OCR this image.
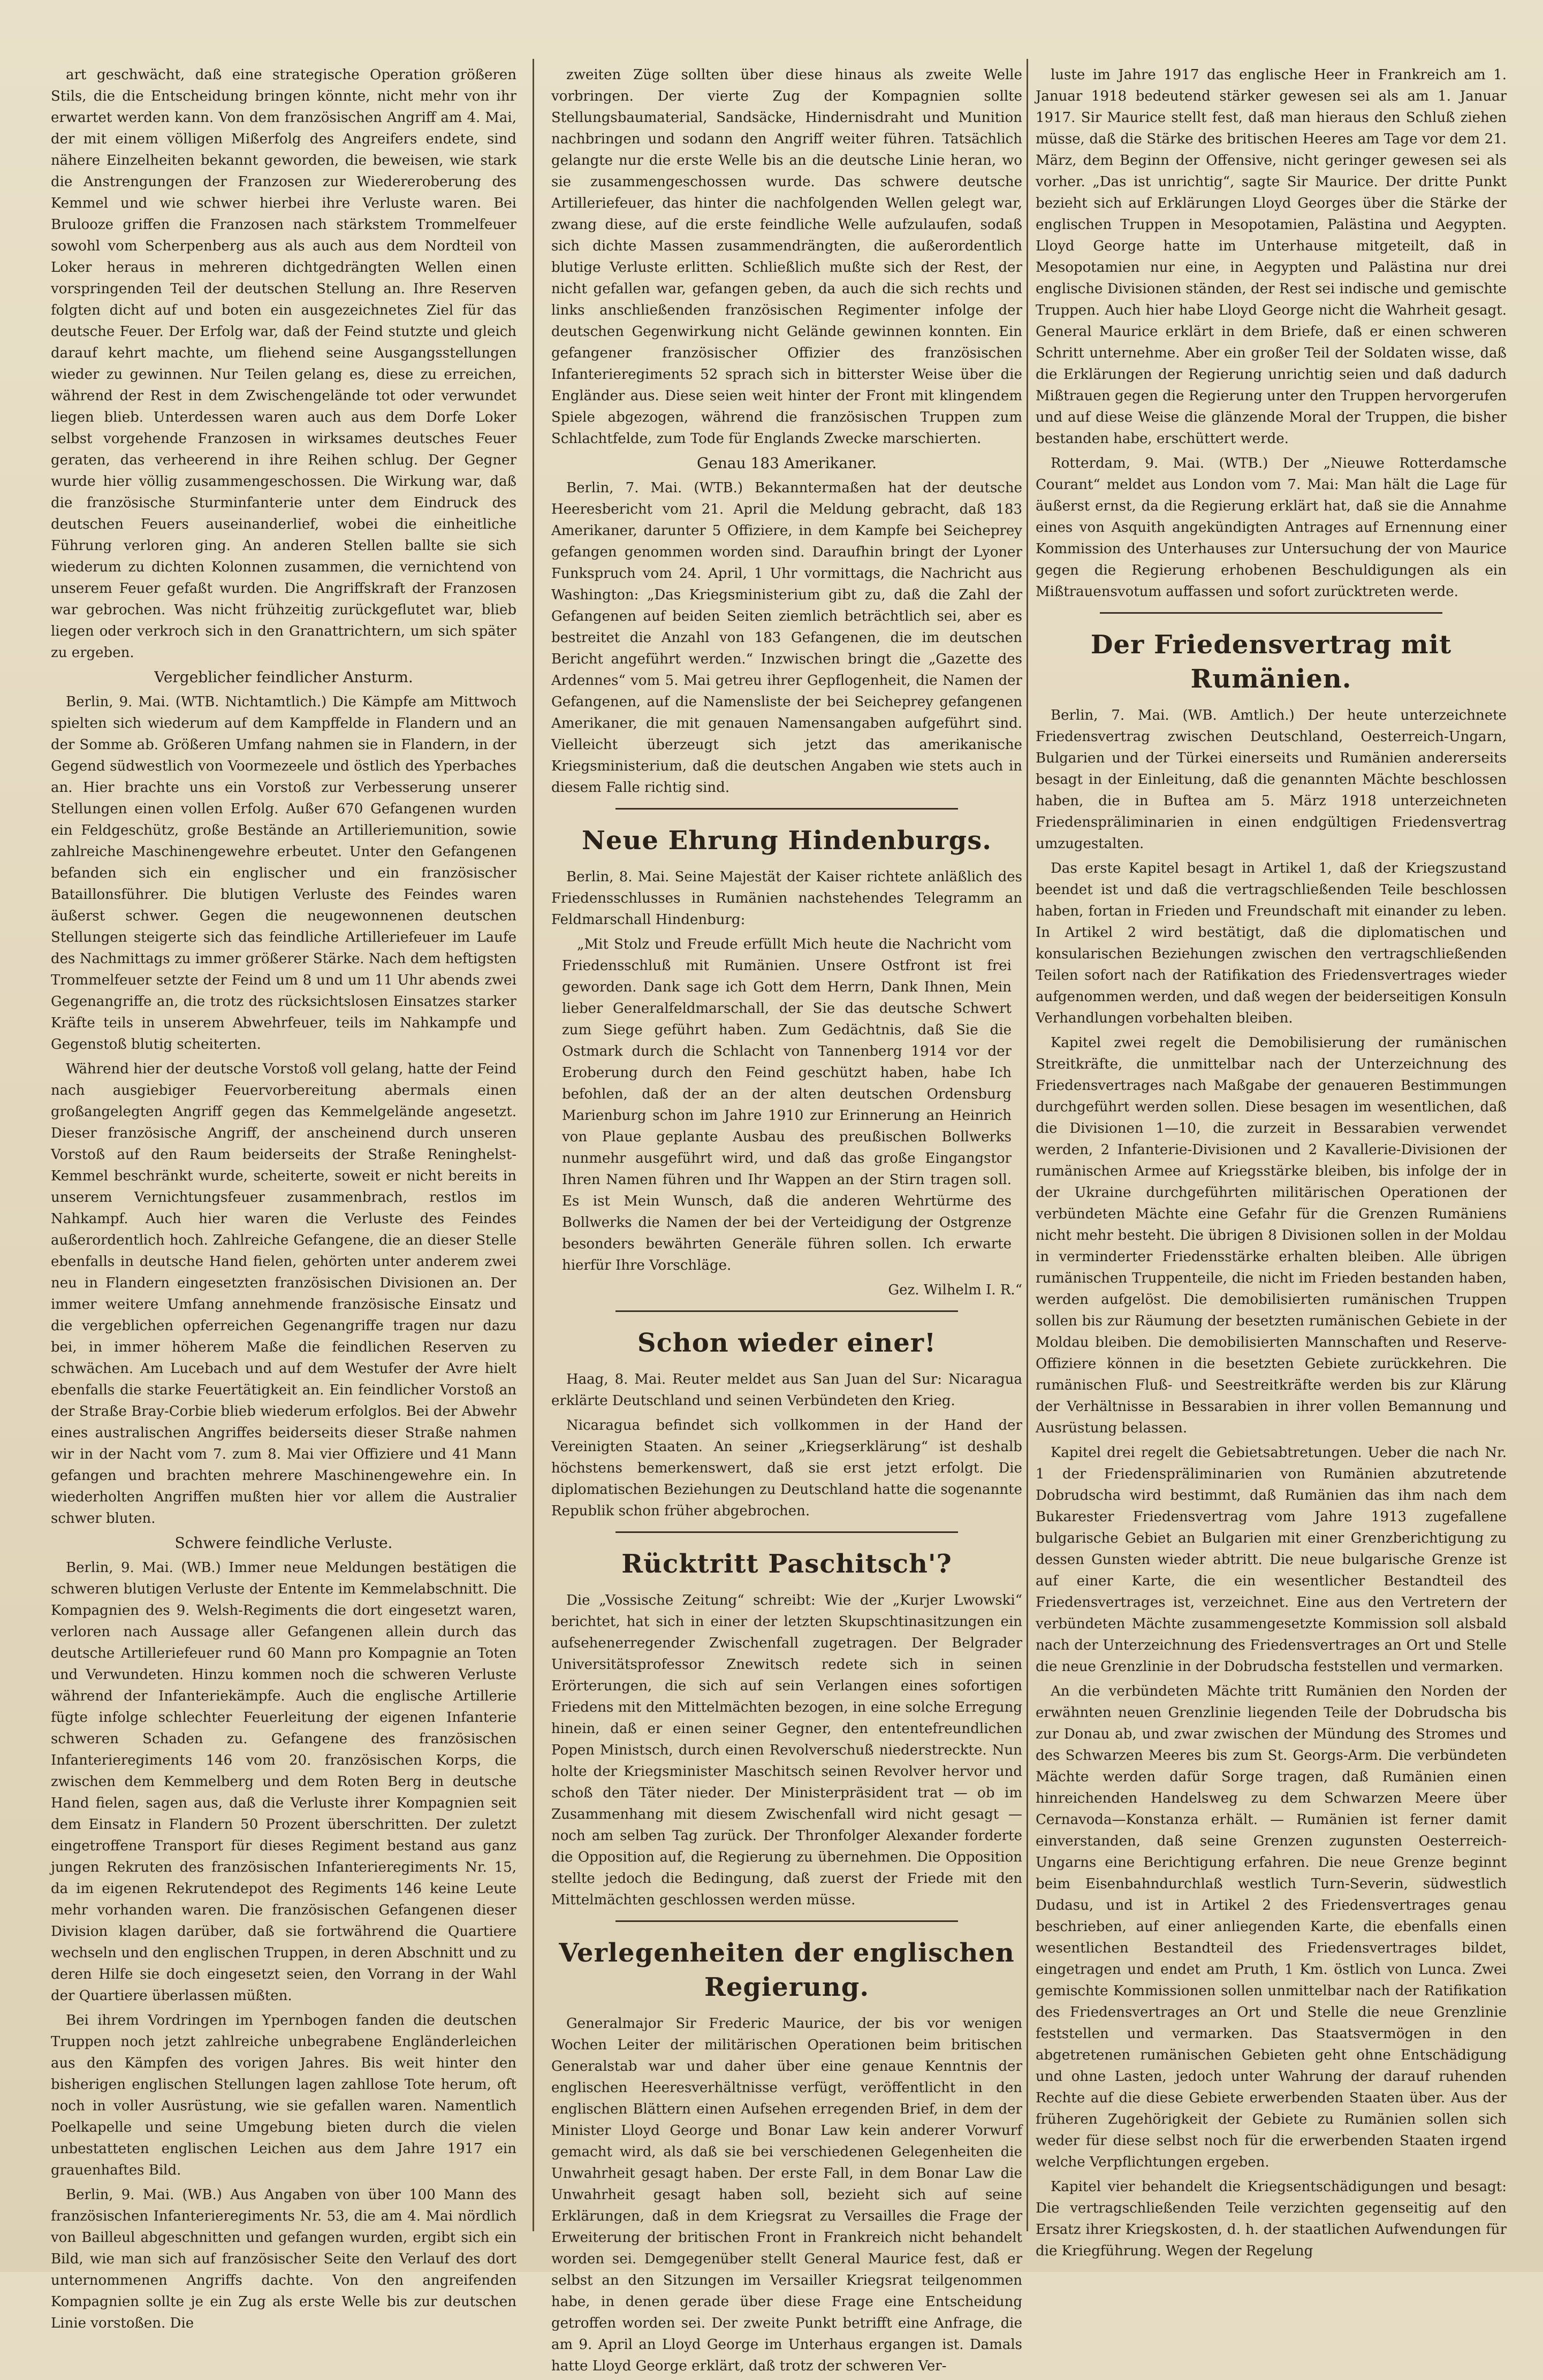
art geschwächt, daß eine strategische Operation größeren Stils, die die Entscheidung bringen könnte, nicht mehr von ihr erwartet werden kann. Von dem französischen Angriff am 4. Mai, der mit einem völligen Mißerfolg des Angreifers endete, sind nähere Einzelheiten bekannt geworden, die beweisen, wie stark die Anstrengungen der Franzosen zur Wiedereroberung des Kemmel und wie schwer hierbei ihre Verluste waren. Bei Brulooze griffen die Franzosen nach stärkstem Trommelfeuer sowohl vom Scherpenberg aus als auch aus dem Nordteil von Loker heraus in mehreren dichtgedrängten Wellen einen vorspringenden Teil der deutschen Stellung an. Ihre Reserven folgten dicht auf und boten ein ausgezeichnetes Ziel für das deutsche Feuer. Der Erfolg war, daß der Feind stutzte und gleich darauf kehrt machte, um fliehend seine Ausgangsstellungen wieder zu gewinnen. Nur Teilen gelang es, diese zu erreichen, während der Rest in dem Zwischengelände tot oder verwundet liegen blieb. Unterdessen waren auch aus dem Dorfe Loker selbst vorgehende Franzosen in wirksames deutsches Feuer geraten, das verheerend in ihre Reihen schlug. Der Gegner wurde hier völlig zusammengeschossen. Die Wirkung war, daß die französische Sturminfanterie unter dem Eindruck des deutschen Feuers auseinanderlief, wobei die einheitliche Führung verloren ging. An anderen Stellen ballte sie sich wiederum zu dichten Kolonnen zusammen, die vernichtend von unserem Feuer gefaßt wurden. Die Angriffskraft der Franzosen war gebrochen. Was nicht frühzeitig zurückgeflutet war, blieb liegen oder verkroch sich in den Granattrichtern, um sich später zu ergeben.

Vergeblicher feindlicher Ansturm.

Berlin, 9. Mai. (WTB. Nichtamtlich.) Die Kämpfe am Mittwoch spielten sich wiederum auf dem Kampffelde in Flandern und an der Somme ab. Größeren Umfang nahmen sie in Flandern, in der Gegend südwestlich von Voormezeele und östlich des Yperbaches an. Hier brachte uns ein Vorstoß zur Verbesserung unserer Stellungen einen vollen Erfolg. Außer 670 Gefangenen wurden ein Feldgeschütz, große Bestände an Artilleriemunition, sowie zahlreiche Maschinengewehre erbeutet. Unter den Gefangenen befanden sich ein englischer und ein französischer Bataillonsführer. Die blutigen Verluste des Feindes waren äußerst schwer. Gegen die neugewonnenen deutschen Stellungen steigerte sich das feindliche Artilleriefeuer im Laufe des Nachmittags zu immer größerer Stärke. Nach dem heftigsten Trommelfeuer setzte der Feind um 8 und um 11 Uhr abends zwei Gegenangriffe an, die trotz des rücksichtslosen Einsatzes starker Kräfte teils in unserem Abwehrfeuer, teils im Nahkampfe und Gegenstoß blutig scheiterten.

Während hier der deutsche Vorstoß voll gelang, hatte der Feind nach ausgiebiger Feuervorbereitung abermals einen großangelegten Angriff gegen das Kemmelgelände angesetzt. Dieser französische Angriff, der anscheinend durch unseren Vorstoß auf den Raum beiderseits der Straße Reninghelst-Kemmel beschränkt wurde, scheiterte, soweit er nicht bereits in unserem Vernichtungsfeuer zusammenbrach, restlos im Nahkampf. Auch hier waren die Verluste des Feindes außerordentlich hoch. Zahlreiche Gefangene, die an dieser Stelle ebenfalls in deutsche Hand fielen, gehörten unter anderem zwei neu in Flandern eingesetzten französischen Divisionen an. Der immer weitere Umfang annehmende französische Einsatz und die vergeblichen opferreichen Gegenangriffe tragen nur dazu bei, in immer höherem Maße die feindlichen Reserven zu schwächen. Am Lucebach und auf dem Westufer der Avre hielt ebenfalls die starke Feuertätigkeit an. Ein feindlicher Vorstoß an der Straße Bray-Corbie blieb wiederum erfolglos. Bei der Abwehr eines australischen Angriffes beiderseits dieser Straße nahmen wir in der Nacht vom 7. zum 8. Mai vier Offiziere und 41 Mann gefangen und brachten mehrere Maschinengewehre ein. In wiederholten Angriffen mußten hier vor allem die Australier schwer bluten.

Schwere feindliche Verluste.

Berlin, 9. Mai. (WB.) Immer neue Meldungen bestätigen die schweren blutigen Verluste der Entente im Kemmelabschnitt. Die Kompagnien des 9. Welsh-Regiments die dort eingesetzt waren, verloren nach Aussage aller Gefangenen allein durch das deutsche Artilleriefeuer rund 60 Mann pro Kompagnie an Toten und Verwundeten. Hinzu kommen noch die schweren Verluste während der Infanteriekämpfe. Auch die englische Artillerie fügte infolge schlechter Feuerleitung der eigenen Infanterie schweren Schaden zu. Gefangene des französischen Infanterieregiments 146 vom 20. französischen Korps, die zwischen dem Kemmelberg und dem Roten Berg in deutsche Hand fielen, sagen aus, daß die Verluste ihrer Kompagnien seit dem Einsatz in Flandern 50 Prozent überschritten. Der zuletzt eingetroffene Transport für dieses Regiment bestand aus ganz jungen Rekruten des französischen Infanterieregiments Nr. 15, da im eigenen Rekrutendepot des Regiments 146 keine Leute mehr vorhanden waren. Die französischen Gefangenen dieser Division klagen darüber, daß sie fortwährend die Quartiere wechseln und den englischen Truppen, in deren Abschnitt und zu deren Hilfe sie doch eingesetzt seien, den Vorrang in der Wahl der Quartiere überlassen müßten.

Bei ihrem Vordringen im Ypernbogen fanden die deutschen Truppen noch jetzt zahlreiche unbegrabene Engländerleichen aus den Kämpfen des vorigen Jahres. Bis weit hinter den bisherigen englischen Stellungen lagen zahllose Tote herum, oft noch in voller Ausrüstung, wie sie gefallen waren. Namentlich Poelkapelle und seine Umgebung bieten durch die vielen unbestatteten englischen Leichen aus dem Jahre 1917 ein grauenhaftes Bild.

Berlin, 9. Mai. (WB.) Aus Angaben von über 100 Mann des französischen Infanterieregiments Nr. 53, die am 4. Mai nördlich von Bailleul abgeschnitten und gefangen wurden, ergibt sich ein Bild, wie man sich auf französischer Seite den Verlauf des dort unternommenen Angriffs dachte. Von den angreifenden Kompagnien sollte je ein Zug als erste Welle bis zur deutschen Linie vorstoßen. Die

zweiten Züge sollten über diese hinaus als zweite Welle vorbringen. Der vierte Zug der Kompagnien sollte Stellungsbaumaterial, Sandsäcke, Hindernisdraht und Munition nachbringen und sodann den Angriff weiter führen. Tatsächlich gelangte nur die erste Welle bis an die deutsche Linie heran, wo sie zusammengeschossen wurde. Das schwere deutsche Artilleriefeuer, das hinter die nachfolgenden Wellen gelegt war, zwang diese, auf die erste feindliche Welle aufzulaufen, sodaß sich dichte Massen zusammendrängten, die außerordentlich blutige Verluste erlitten. Schließlich mußte sich der Rest, der nicht gefallen war, gefangen geben, da auch die sich rechts und links anschließenden französischen Regimenter infolge der deutschen Gegenwirkung nicht Gelände gewinnen konnten. Ein gefangener französischer Offizier des französischen Infanterieregiments 52 sprach sich in bitterster Weise über die Engländer aus. Diese seien weit hinter der Front mit klingendem Spiele abgezogen, während die französischen Truppen zum Schlachtfelde, zum Tode für Englands Zwecke marschierten.

Genau 183 Amerikaner.

Berlin, 7. Mai. (WTB.) Bekanntermaßen hat der deutsche Heeresbericht vom 21. April die Meldung gebracht, daß 183 Amerikaner, darunter 5 Offiziere, in dem Kampfe bei Seicheprey gefangen genommen worden sind. Daraufhin bringt der Lyoner Funkspruch vom 24. April, 1 Uhr vormittags, die Nachricht aus Washington: „Das Kriegsministerium gibt zu, daß die Zahl der Gefangenen auf beiden Seiten ziemlich beträchtlich sei, aber es bestreitet die Anzahl von 183 Gefangenen, die im deutschen Bericht angeführt werden.“ Inzwischen bringt die „Gazette des Ardennes“ vom 5. Mai getreu ihrer Gepflogenheit, die Namen der Gefangenen, auf die Namensliste der bei Seicheprey gefangenen Amerikaner, die mit genauen Namensangaben aufgeführt sind. Vielleicht überzeugt sich jetzt das amerikanische Kriegsministerium, daß die deutschen Angaben wie stets auch in diesem Falle richtig sind.

Neue Ehrung Hindenburgs.

Berlin, 8. Mai. Seine Majestät der Kaiser richtete anläßlich des Friedensschlusses in Rumänien nachstehendes Telegramm an Feldmarschall Hindenburg:

„Mit Stolz und Freude erfüllt Mich heute die Nachricht vom Friedensschluß mit Rumänien. Unsere Ostfront ist frei geworden. Dank sage ich Gott dem Herrn, Dank Ihnen, Mein lieber Generalfeldmarschall, der Sie das deutsche Schwert zum Siege geführt haben. Zum Gedächtnis, daß Sie die Ostmark durch die Schlacht von Tannenberg 1914 vor der Eroberung durch den Feind geschützt haben, habe Ich befohlen, daß der an der alten deutschen Ordensburg Marienburg schon im Jahre 1910 zur Erinnerung an Heinrich von Plaue geplante Ausbau des preußischen Bollwerks nunmehr ausgeführt wird, und daß das große Eingangstor Ihren Namen führen und Ihr Wappen an der Stirn tragen soll. Es ist Mein Wunsch, daß die anderen Wehrtürme des Bollwerks die Namen der bei der Verteidigung der Ostgrenze besonders bewährten Generäle führen sollen. Ich erwarte hierfür Ihre Vorschläge.

Gez. Wilhelm I. R.“

Schon wieder einer!

Haag, 8. Mai. Reuter meldet aus San Juan del Sur: Nicaragua erklärte Deutschland und seinen Verbündeten den Krieg.

Nicaragua befindet sich vollkommen in der Hand der Vereinigten Staaten. An seiner „Kriegserklärung“ ist deshalb höchstens bemerkenswert, daß sie erst jetzt erfolgt. Die diplomatischen Beziehungen zu Deutschland hatte die sogenannte Republik schon früher abgebrochen.

Rücktritt Paschitsch'?

Die „Vossische Zeitung“ schreibt: Wie der „Kurjer Lwowski“ berichtet, hat sich in einer der letzten Skupschtinasitzungen ein aufsehenerregender Zwischenfall zugetragen. Der Belgrader Universitätsprofessor Znewitsch redete sich in seinen Erörterungen, die sich auf sein Verlangen eines sofortigen Friedens mit den Mittelmächten bezogen, in eine solche Erregung hinein, daß er einen seiner Gegner, den ententefreundlichen Popen Ministsch, durch einen Revolverschuß niederstreckte. Nun holte der Kriegsminister Maschitsch seinen Revolver hervor und schoß den Täter nieder. Der Ministerpräsident trat — ob im Zusammenhang mit diesem Zwischenfall wird nicht gesagt — noch am selben Tag zurück. Der Thronfolger Alexander forderte die Opposition auf, die Regierung zu übernehmen. Die Opposition stellte jedoch die Bedingung, daß zuerst der Friede mit den Mittelmächten geschlossen werden müsse.

Verlegenheiten der englischen Regierung.

Generalmajor Sir Frederic Maurice, der bis vor wenigen Wochen Leiter der militärischen Operationen beim britischen Generalstab war und daher über eine genaue Kenntnis der englischen Heeresverhältnisse verfügt, veröffentlicht in den englischen Blättern einen Aufsehen erregenden Brief, in dem der Minister Lloyd George und Bonar Law kein anderer Vorwurf gemacht wird, als daß sie bei verschiedenen Gelegenheiten die Unwahrheit gesagt haben. Der erste Fall, in dem Bonar Law die Unwahrheit gesagt haben soll, bezieht sich auf seine Erklärungen, daß in dem Kriegsrat zu Versailles die Frage der Erweiterung der britischen Front in Frankreich nicht behandelt worden sei. Demgegenüber stellt General Maurice fest, daß er selbst an den Sitzungen im Versailler Kriegsrat teilgenommen habe, in denen gerade über diese Frage eine Entscheidung getroffen worden sei. Der zweite Punkt betrifft eine Anfrage, die am 9. April an Lloyd George im Unterhaus ergangen ist. Damals hatte Lloyd George erklärt, daß trotz der schweren Ver-

luste im Jahre 1917 das englische Heer in Frankreich am 1. Januar 1918 bedeutend stärker gewesen sei als am 1. Januar 1917. Sir Maurice stellt fest, daß man hieraus den Schluß ziehen müsse, daß die Stärke des britischen Heeres am Tage vor dem 21. März, dem Beginn der Offensive, nicht geringer gewesen sei als vorher. „Das ist unrichtig“, sagte Sir Maurice. Der dritte Punkt bezieht sich auf Erklärungen Lloyd Georges über die Stärke der englischen Truppen in Mesopotamien, Palästina und Aegypten. Lloyd George hatte im Unterhause mitgeteilt, daß in Mesopotamien nur eine, in Aegypten und Palästina nur drei englische Divisionen ständen, der Rest sei indische und gemischte Truppen. Auch hier habe Lloyd George nicht die Wahrheit gesagt. General Maurice erklärt in dem Briefe, daß er einen schweren Schritt unternehme. Aber ein großer Teil der Soldaten wisse, daß die Erklärungen der Regierung unrichtig seien und daß dadurch Mißtrauen gegen die Regierung unter den Truppen hervorgerufen und auf diese Weise die glänzende Moral der Truppen, die bisher bestanden habe, erschüttert werde.

Rotterdam, 9. Mai. (WTB.) Der „Nieuwe Rotterdamsche Courant“ meldet aus London vom 7. Mai: Man hält die Lage für äußerst ernst, da die Regierung erklärt hat, daß sie die Annahme eines von Asquith angekündigten Antrages auf Ernennung einer Kommission des Unterhauses zur Untersuchung der von Maurice gegen die Regierung erhobenen Beschuldigungen als ein Mißtrauensvotum auffassen und sofort zurücktreten werde.

Der Friedensvertrag mit Rumänien.

Berlin, 7. Mai. (WB. Amtlich.) Der heute unterzeichnete Friedensvertrag zwischen Deutschland, Oesterreich-Ungarn, Bulgarien und der Türkei einerseits und Rumänien andererseits besagt in der Einleitung, daß die genannten Mächte beschlossen haben, die in Buftea am 5. März 1918 unterzeichneten Friedenspräliminarien in einen endgültigen Friedensvertrag umzugestalten.

Das erste Kapitel besagt in Artikel 1, daß der Kriegszustand beendet ist und daß die vertragschließenden Teile beschlossen haben, fortan in Frieden und Freundschaft mit einander zu leben. In Artikel 2 wird bestätigt, daß die diplomatischen und konsularischen Beziehungen zwischen den vertragschließenden Teilen sofort nach der Ratifikation des Friedensvertrages wieder aufgenommen werden, und daß wegen der beiderseitigen Konsuln Verhandlungen vorbehalten bleiben.

Kapitel zwei regelt die Demobilisierung der rumänischen Streitkräfte, die unmittelbar nach der Unterzeichnung des Friedensvertrages nach Maßgabe der genaueren Bestimmungen durchgeführt werden sollen. Diese besagen im wesentlichen, daß die Divisionen 1—10, die zurzeit in Bessarabien verwendet werden, 2 Infanterie-Divisionen und 2 Kavallerie-Divisionen der rumänischen Armee auf Kriegsstärke bleiben, bis infolge der in der Ukraine durchgeführten militärischen Operationen der verbündeten Mächte eine Gefahr für die Grenzen Rumäniens nicht mehr besteht. Die übrigen 8 Divisionen sollen in der Moldau in verminderter Friedensstärke erhalten bleiben. Alle übrigen rumänischen Truppenteile, die nicht im Frieden bestanden haben, werden aufgelöst. Die demobilisierten rumänischen Truppen sollen bis zur Räumung der besetzten rumänischen Gebiete in der Moldau bleiben. Die demobilisierten Mannschaften und Reserve-Offiziere können in die besetzten Gebiete zurückkehren. Die rumänischen Fluß- und Seestreitkräfte werden bis zur Klärung der Verhältnisse in Bessarabien in ihrer vollen Bemannung und Ausrüstung belassen.

Kapitel drei regelt die Gebietsabtretungen. Ueber die nach Nr. 1 der Friedenspräliminarien von Rumänien abzutretende Dobrudscha wird bestimmt, daß Rumänien das ihm nach dem Bukarester Friedensvertrag vom Jahre 1913 zugefallene bulgarische Gebiet an Bulgarien mit einer Grenzberichtigung zu dessen Gunsten wieder abtritt. Die neue bulgarische Grenze ist auf einer Karte, die ein wesentlicher Bestandteil des Friedensvertrages ist, verzeichnet. Eine aus den Vertretern der verbündeten Mächte zusammengesetzte Kommission soll alsbald nach der Unterzeichnung des Friedensvertrages an Ort und Stelle die neue Grenzlinie in der Dobrudscha feststellen und vermarken.

An die verbündeten Mächte tritt Rumänien den Norden der erwähnten neuen Grenzlinie liegenden Teile der Dobrudscha bis zur Donau ab, und zwar zwischen der Mündung des Stromes und des Schwarzen Meeres bis zum St. Georgs-Arm. Die verbündeten Mächte werden dafür Sorge tragen, daß Rumänien einen hinreichenden Handelsweg zu dem Schwarzen Meere über Cernavoda—Konstanza erhält. — Rumänien ist ferner damit einverstanden, daß seine Grenzen zugunsten Oesterreich-Ungarns eine Berichtigung erfahren. Die neue Grenze beginnt beim Eisenbahndurchlaß westlich Turn-Severin, südwestlich Dudasu, und ist in Artikel 2 des Friedensvertrages genau beschrieben, auf einer anliegenden Karte, die ebenfalls einen wesentlichen Bestandteil des Friedensvertrages bildet, eingetragen und endet am Pruth, 1 Km. östlich von Lunca. Zwei gemischte Kommissionen sollen unmittelbar nach der Ratifikation des Friedensvertrages an Ort und Stelle die neue Grenzlinie feststellen und vermarken. Das Staatsvermögen in den abgetretenen rumänischen Gebieten geht ohne Entschädigung und ohne Lasten, jedoch unter Wahrung der darauf ruhenden Rechte auf die diese Gebiete erwerbenden Staaten über. Aus der früheren Zugehörigkeit der Gebiete zu Rumänien sollen sich weder für diese selbst noch für die erwerbenden Staaten irgend welche Verpflichtungen ergeben.

Kapitel vier behandelt die Kriegsentschädigungen und besagt: Die vertragschließenden Teile verzichten gegenseitig auf den Ersatz ihrer Kriegskosten, d. h. der staatlichen Aufwendungen für die Kriegführung. Wegen der Regelung
